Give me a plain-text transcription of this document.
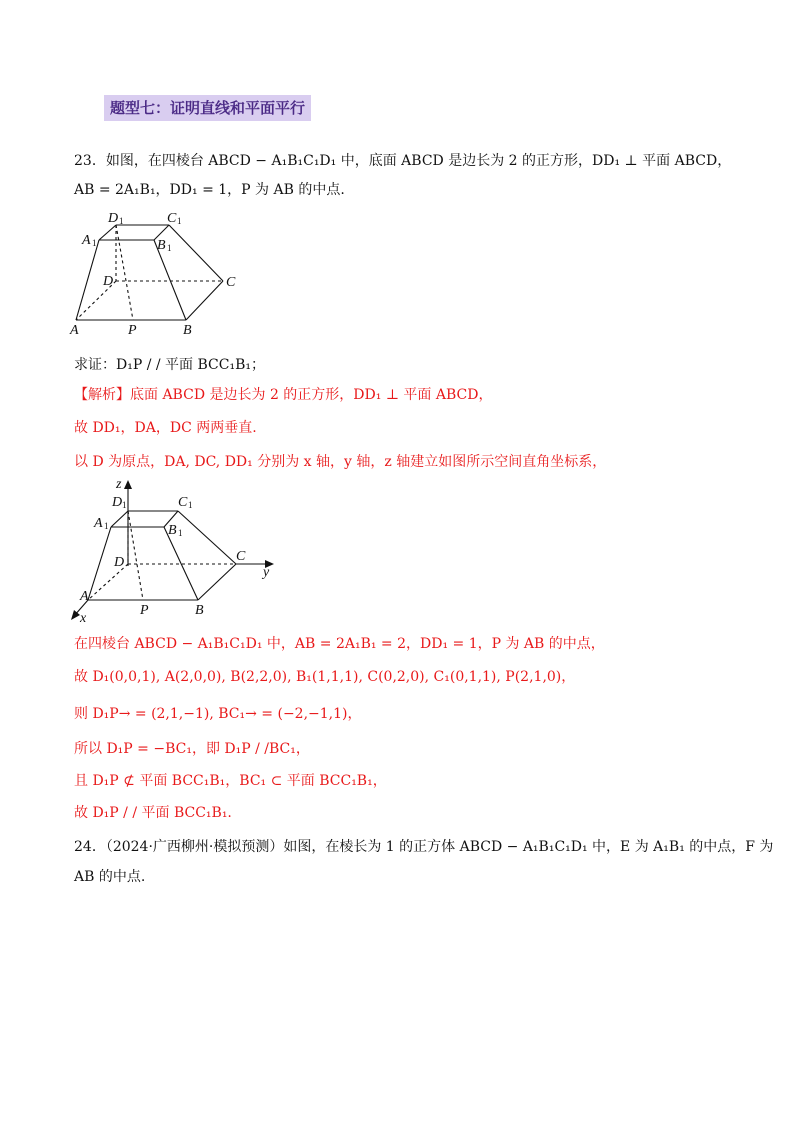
题型七：证明直线和平面平行
23．如图，在四棱台 ABCD − A₁B₁C₁D₁ 中，底面 ABCD 是边长为 2 的正方形，DD₁ ⊥ 平面 ABCD，
AB = 2A₁B₁，DD₁ = 1，P 为 AB 的中点.
D 1	C 1
A 1	B 1
D	C
A	P	B
求证：D₁P / / 平面 BCC₁B₁；
【解析】底面 ABCD 是边长为 2 的正方形，DD₁ ⊥ 平面 ABCD，
故 DD₁，DA，DC 两两垂直.
以 D 为原点，DA, DC, DD₁ 分别为 x 轴，y 轴，z 轴建立如图所示空间直角坐标系，
z
y
x
D 1	C 1
A 1	B 1
D	C
A
P	B
在四棱台 ABCD − A₁B₁C₁D₁ 中，AB = 2A₁B₁ = 2，DD₁ = 1，P 为 AB 的中点，
故 D₁(0,0,1), A(2,0,0), B(2,2,0), B₁(1,1,1), C(0,2,0), C₁(0,1,1), P(2,1,0)，
则 D₁P→ = (2,1,−1), BC₁→ = (−2,−1,1)，
所以 D₁P = −BC₁，即 D₁P / /BC₁，
且 D₁P ⊄ 平面 BCC₁B₁，BC₁ ⊂ 平面 BCC₁B₁，
故 D₁P / / 平面 BCC₁B₁.
24．（2024·广西柳州·模拟预测）如图，在棱长为 1 的正方体 ABCD − A₁B₁C₁D₁ 中，E 为 A₁B₁ 的中点，F 为
AB 的中点.
